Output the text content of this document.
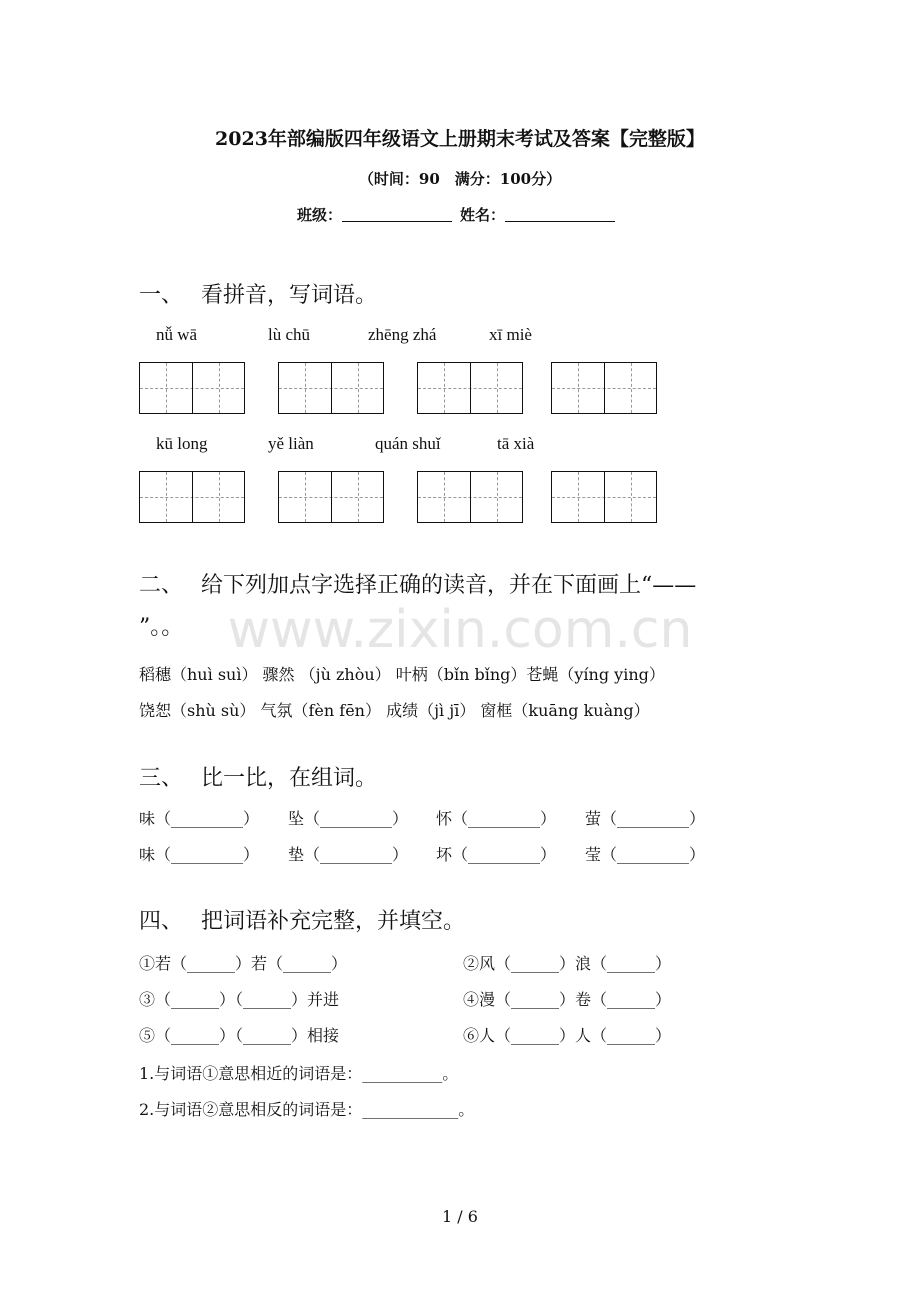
www.zixin.com.cn
2023年部编版四年级语文上册期末考试及答案【完整版】
（时间：90　满分：100分）
班级：	姓名：
一、 看拼音，写词语。
nǚ wā	lù chū	zhēng zhá	xī miè
kū long	yě liàn	quán shuǐ	tā xià
二、 给下列加点字选择正确的读音，并在下面画上“——
”。。
稻穗（huì suì） 骤然 （jù zhòu） 叶柄（bǐn bǐng）苍蝇（yíng ying）
饶恕（shù sù） 气氛（fèn fēn） 成绩（jì jī） 窗框（kuāng kuàng）
三、 比一比，在组词。
味（_________） 坠（_________） 怀（_________） 萤（_________）
味（_________） 垫（_________） 坏（_________） 莹（_________）
四、 把词语补充完整，并填空。
①若（______）若（______）	②风（______）浪（______）
③（______）（______）并进	④漫（______）卷（______）
⑤（______）（______）相接	⑥人（______）人（______）
1.与词语①意思相近的词语是：__________。
2.与词语②意思相反的词语是：____________。
1 / 6
